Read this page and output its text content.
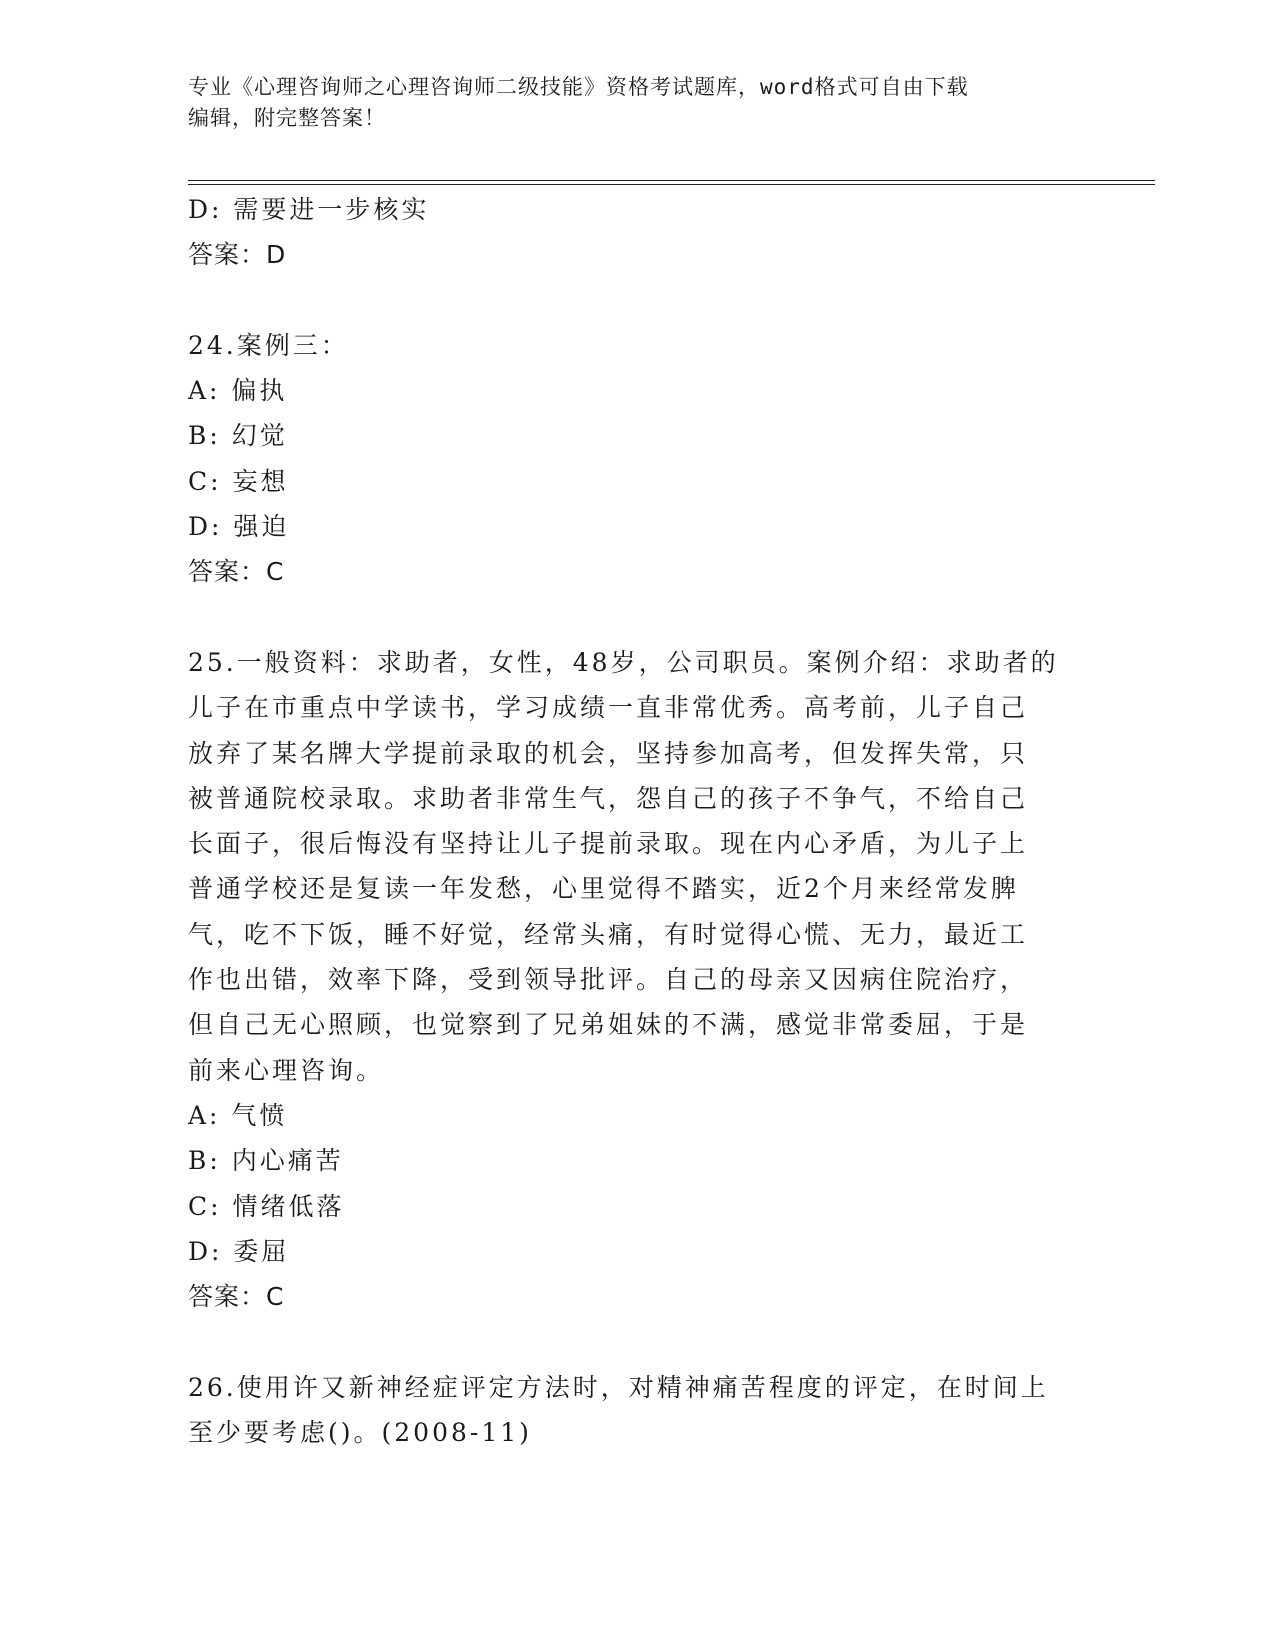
专业《心理咨询师之心理咨询师二级技能》资格考试题库，word格式可自由下载
编辑，附完整答案！

D: 需要进一步核实

答案：D

24.案例三：

A: 偏执

B: 幻觉

C: 妄想

D: 强迫

答案：C

25.一般资料：求助者，女性，48岁，公司职员。案例介绍：求助者的

儿子在市重点中学读书，学习成绩一直非常优秀。高考前，儿子自己

放弃了某名牌大学提前录取的机会，坚持参加高考，但发挥失常，只

被普通院校录取。求助者非常生气，怨自己的孩子不争气，不给自己

长面子，很后悔没有坚持让儿子提前录取。现在内心矛盾，为儿子上

普通学校还是复读一年发愁，心里觉得不踏实，近2个月来经常发脾

气，吃不下饭，睡不好觉，经常头痛，有时觉得心慌、无力，最近工

作也出错，效率下降，受到领导批评。自己的母亲又因病住院治疗，

但自己无心照顾，也觉察到了兄弟姐妹的不满，感觉非常委屈，于是

前来心理咨询。

A: 气愤

B: 内心痛苦

C: 情绪低落

D: 委屈

答案：C

26.使用许又新神经症评定方法时，对精神痛苦程度的评定，在时间上

至少要考虑()。(2008-11)
